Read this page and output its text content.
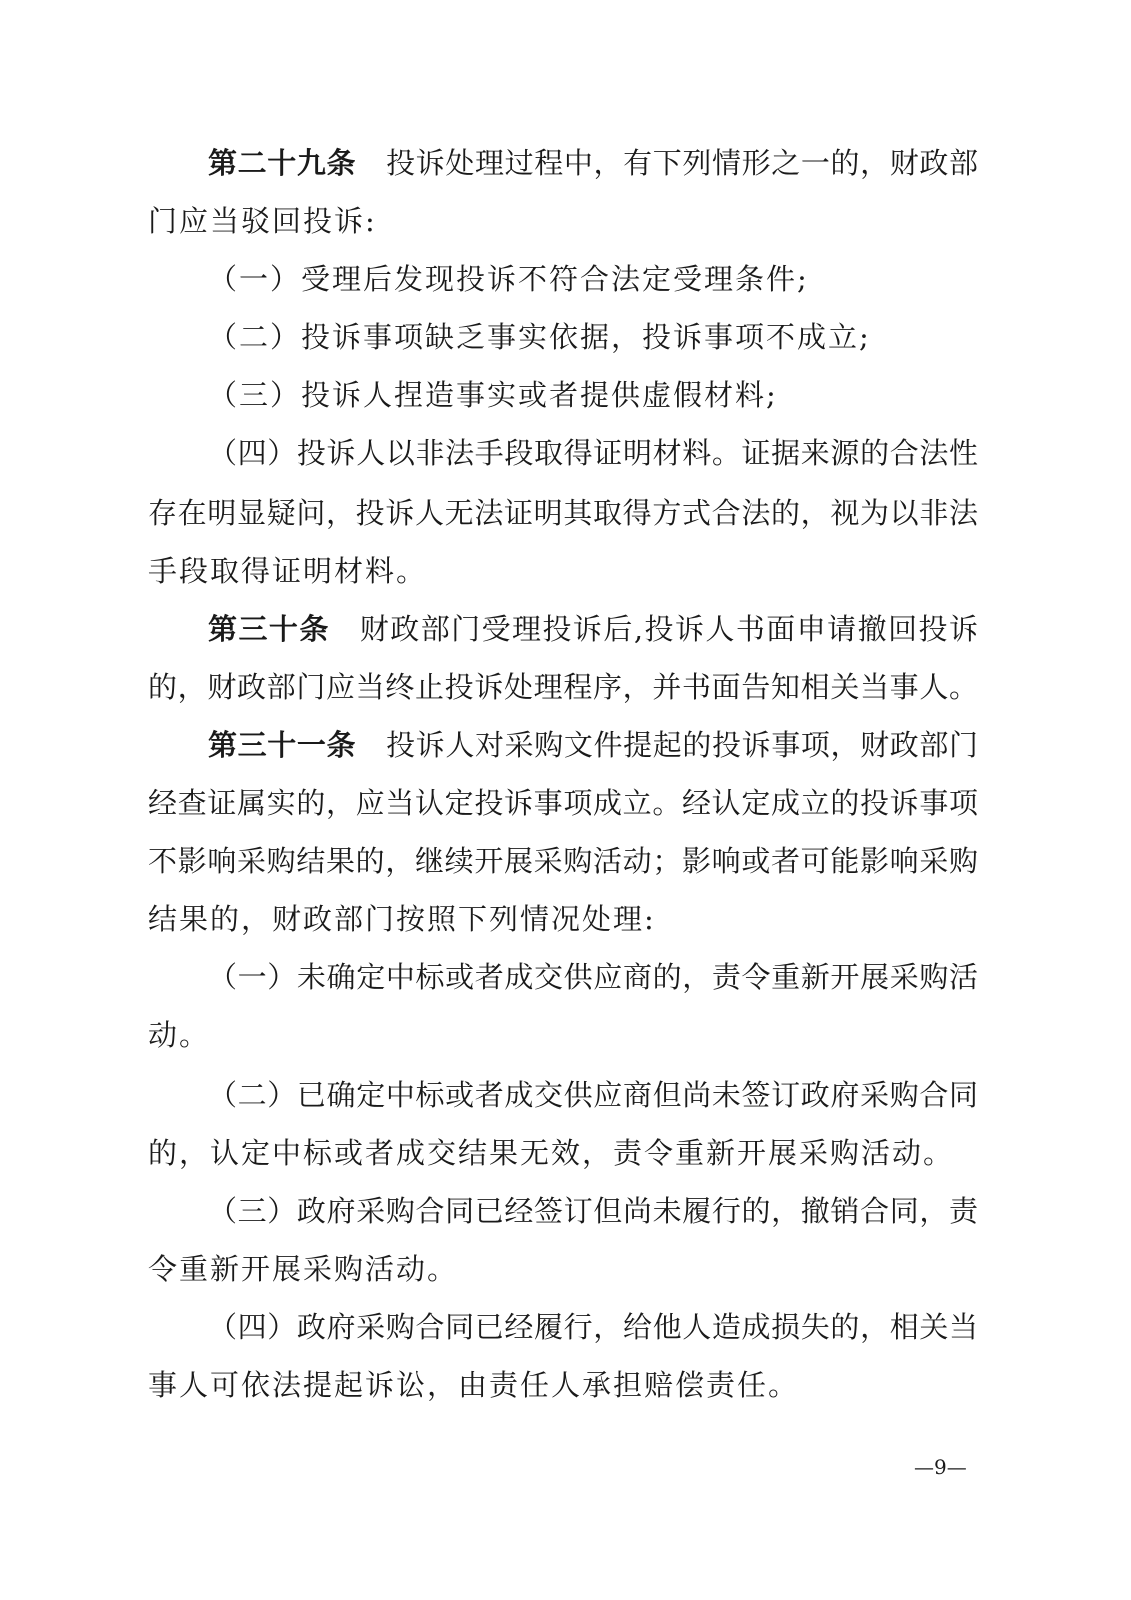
第二十九条 投诉处理过程中，有下列情形之一的，财政部
门应当驳回投诉:
（一）受理后发现投诉不符合法定受理条件;
（二）投诉事项缺乏事实依据，投诉事项不成立;
（三）投诉人捏造事实或者提供虚假材料;
（四）投诉人以非法手段取得证明材料。证据来源的合法性
存在明显疑问，投诉人无法证明其取得方式合法的，视为以非法
手段取得证明材料。
第三十条 财政部门受理投诉后,投诉人书面申请撤回投诉
的，财政部门应当终止投诉处理程序，并书面告知相关当事人。
第三十一条 投诉人对采购文件提起的投诉事项，财政部门
经查证属实的，应当认定投诉事项成立。经认定成立的投诉事项
不影响采购结果的，继续开展采购活动；影响或者可能影响采购
结果的，财政部门按照下列情况处理:
（一）未确定中标或者成交供应商的，责令重新开展采购活
动。
（二）已确定中标或者成交供应商但尚未签订政府采购合同
的，认定中标或者成交结果无效，责令重新开展采购活动。
（三）政府采购合同已经签订但尚未履行的，撤销合同，责
令重新开展采购活动。
（四）政府采购合同已经履行，给他人造成损失的，相关当
事人可依法提起诉讼，由责任人承担赔偿责任。
—9—
